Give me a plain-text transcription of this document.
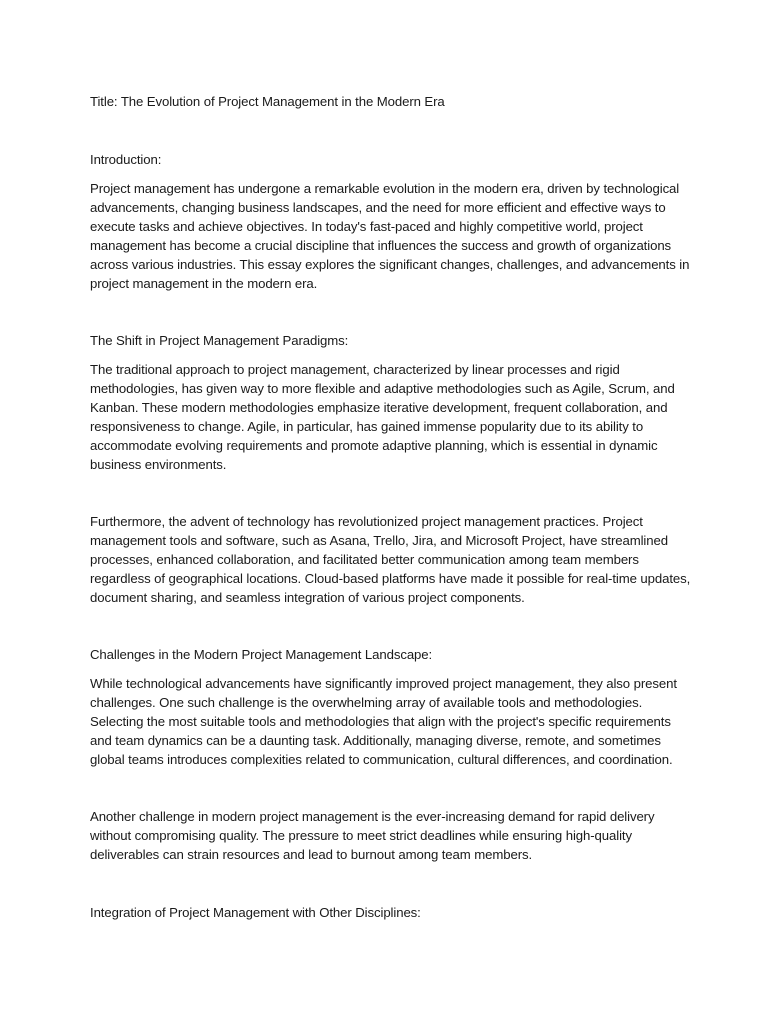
Title: The Evolution of Project Management in the Modern Era

Introduction:

Project management has undergone a remarkable evolution in the modern era, driven by technological
advancements, changing business landscapes, and the need for more efficient and effective ways to
execute tasks and achieve objectives. In today's fast-paced and highly competitive world, project
management has become a crucial discipline that influences the success and growth of organizations
across various industries. This essay explores the significant changes, challenges, and advancements in
project management in the modern era.

The Shift in Project Management Paradigms:

The traditional approach to project management, characterized by linear processes and rigid
methodologies, has given way to more flexible and adaptive methodologies such as Agile, Scrum, and
Kanban. These modern methodologies emphasize iterative development, frequent collaboration, and
responsiveness to change. Agile, in particular, has gained immense popularity due to its ability to
accommodate evolving requirements and promote adaptive planning, which is essential in dynamic
business environments.

Furthermore, the advent of technology has revolutionized project management practices. Project
management tools and software, such as Asana, Trello, Jira, and Microsoft Project, have streamlined
processes, enhanced collaboration, and facilitated better communication among team members
regardless of geographical locations. Cloud-based platforms have made it possible for real-time updates,
document sharing, and seamless integration of various project components.

Challenges in the Modern Project Management Landscape:

While technological advancements have significantly improved project management, they also present
challenges. One such challenge is the overwhelming array of available tools and methodologies.
Selecting the most suitable tools and methodologies that align with the project's specific requirements
and team dynamics can be a daunting task. Additionally, managing diverse, remote, and sometimes
global teams introduces complexities related to communication, cultural differences, and coordination.

Another challenge in modern project management is the ever-increasing demand for rapid delivery
without compromising quality. The pressure to meet strict deadlines while ensuring high-quality
deliverables can strain resources and lead to burnout among team members.

Integration of Project Management with Other Disciplines:
